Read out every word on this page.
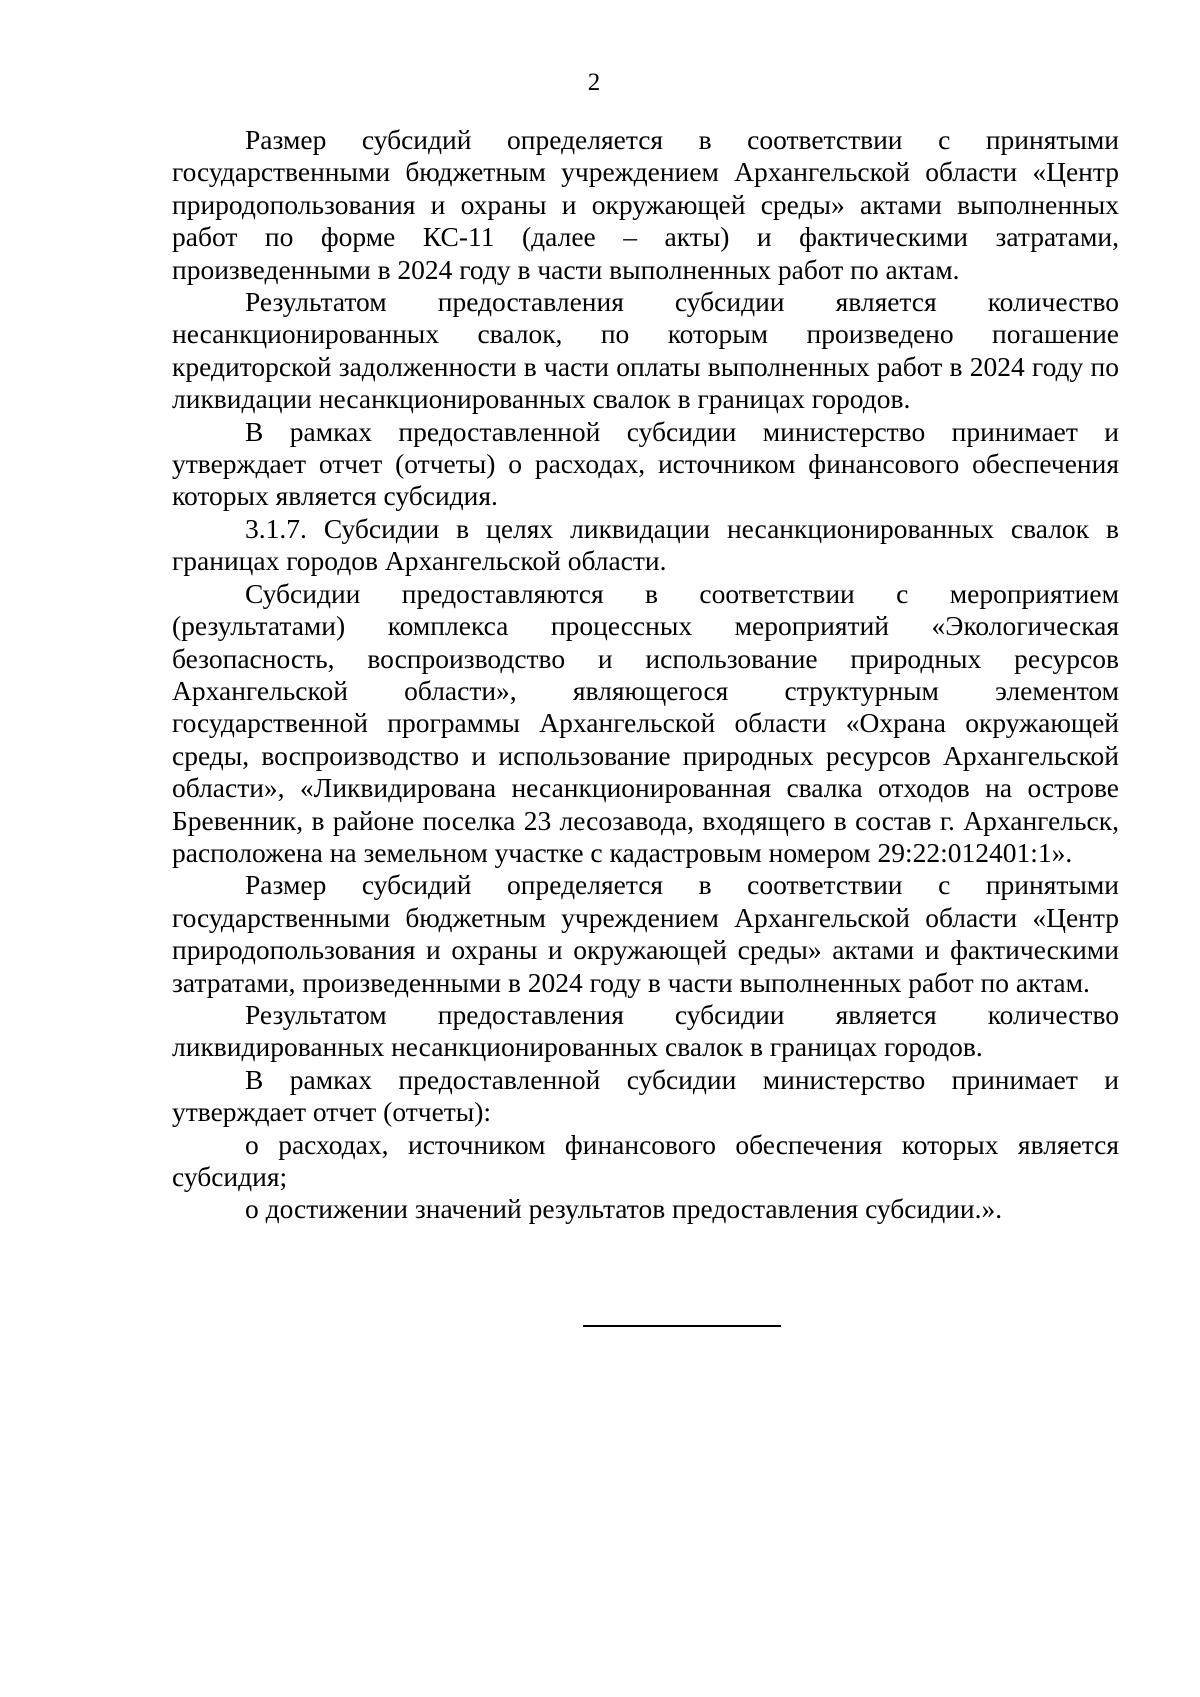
2

Размер субсидий определяется в соответствии с принятыми государственными бюджетным учреждением Архангельской области «Центр природопользования и охраны и окружающей среды» актами выполненных работ по форме КС-11 (далее – акты) и фактическими затратами, произведенными в 2024 году в части выполненных работ по актам.

Результатом предоставления субсидии является количество несанкционированных свалок, по которым произведено погашение кредиторской задолженности в части оплаты выполненных работ в 2024 году по ликвидации несанкционированных свалок в границах городов.

В рамках предоставленной субсидии министерство принимает и утверждает отчет (отчеты) о расходах, источником финансового обеспечения которых является субсидия.

3.1.7. Субсидии в целях ликвидации несанкционированных свалок в границах городов Архангельской области.

Субсидии предоставляются в соответствии с мероприятием (результатами) комплекса процессных мероприятий «Экологическая безопасность, воспроизводство и использование природных ресурсов Архангельской области», являющегося структурным элементом государственной программы Архангельской области «Охрана окружающей среды, воспроизводство и использование природных ресурсов Архангельской области», «Ликвидирована несанкционированная свалка отходов на острове Бревенник, в районе поселка 23 лесозавода, входящего в состав г. Архангельск, расположена на земельном участке с кадастровым номером 29:22:012401:1».

Размер субсидий определяется в соответствии с принятыми государственными бюджетным учреждением Архангельской области «Центр природопользования и охраны и окружающей среды» актами и фактическими затратами, произведенными в 2024 году в части выполненных работ по актам.

Результатом предоставления субсидии является количество ликвидированных несанкционированных свалок в границах городов.

В рамках предоставленной субсидии министерство принимает и утверждает отчет (отчеты):

о расходах, источником финансового обеспечения которых является субсидия;

о достижении значений результатов предоставления субсидии.».
